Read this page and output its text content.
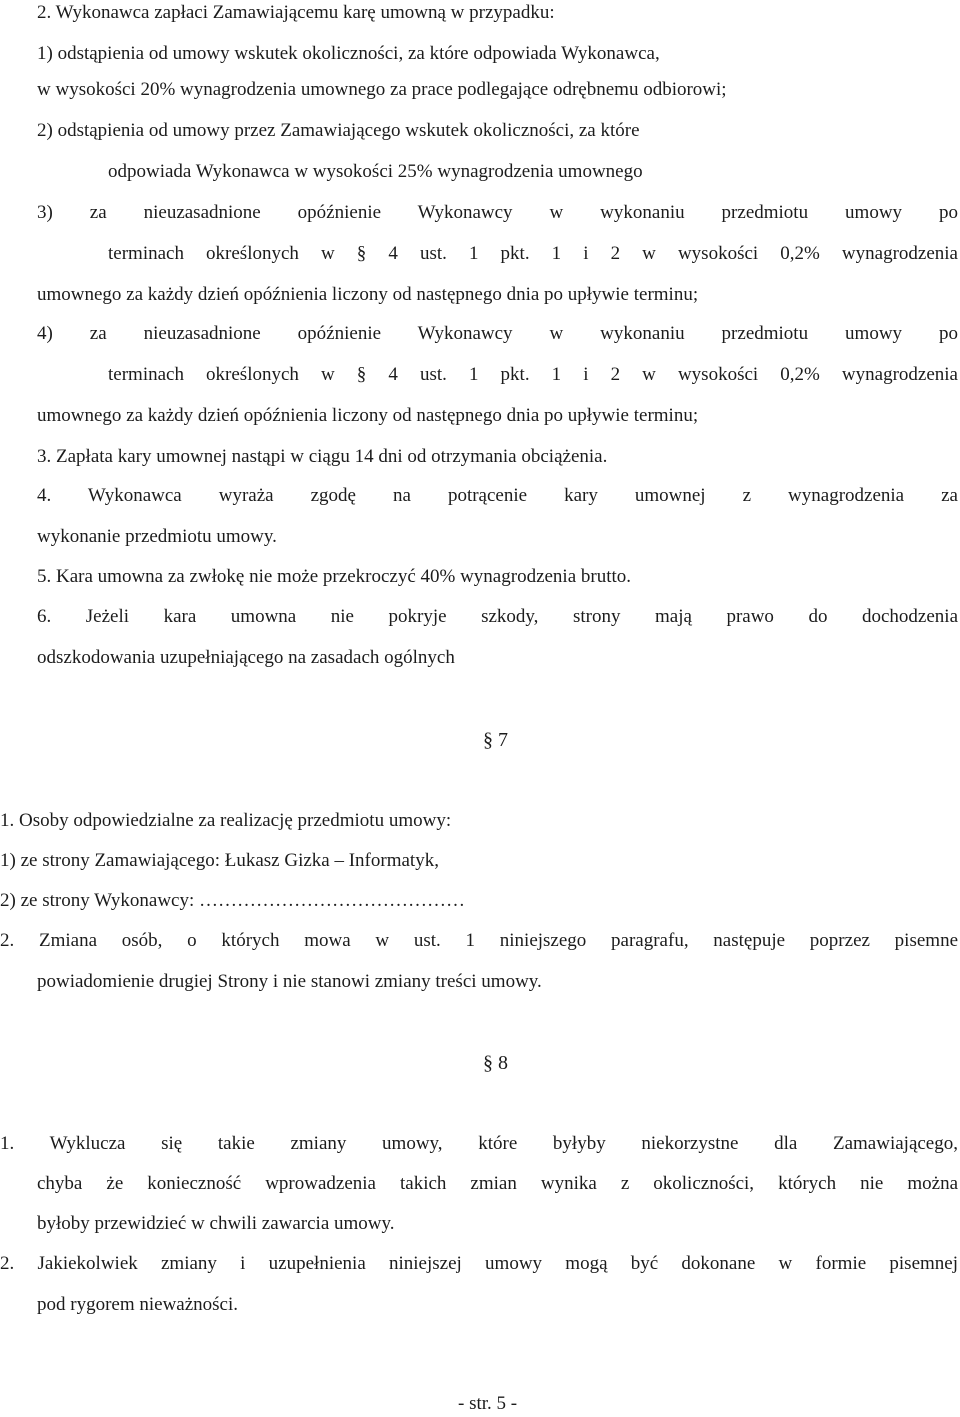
2. Wykonawca zapłaci Zamawiającemu karę umowną w przypadku:
1) odstąpienia od umowy wskutek okoliczności, za które odpowiada Wykonawca,
w wysokości 20% wynagrodzenia umownego za prace podlegające odrębnemu odbiorowi;
2) odstąpienia od umowy przez Zamawiającego wskutek okoliczności, za które
odpowiada Wykonawca w wysokości 25% wynagrodzenia umownego
3) za nieuzasadnione opóźnienie Wykonawcy w wykonaniu przedmiotu umowy po
terminach określonych w § 4 ust. 1 pkt. 1 i 2 w wysokości 0,2% wynagrodzenia
umownego za każdy dzień opóźnienia liczony od następnego dnia po upływie terminu;
4) za nieuzasadnione opóźnienie Wykonawcy w wykonaniu przedmiotu umowy po
terminach określonych w § 4 ust. 1 pkt. 1 i 2 w wysokości 0,2% wynagrodzenia
umownego za każdy dzień opóźnienia liczony od następnego dnia po upływie terminu;
3. Zapłata kary umownej nastąpi w ciągu 14 dni od otrzymania obciążenia.
4. Wykonawca wyraża zgodę na potrącenie kary umownej z wynagrodzenia za
wykonanie przedmiotu umowy.
5. Kara umowna za zwłokę nie może przekroczyć 40% wynagrodzenia brutto.
6. Jeżeli kara umowna nie pokryje szkody, strony mają prawo do dochodzenia
odszkodowania uzupełniającego na zasadach ogólnych
§ 7
1. Osoby odpowiedzialne za realizację przedmiotu umowy:
1) ze strony Zamawiającego: Łukasz Gizka – Informatyk,
2) ze strony Wykonawcy: ……………………………………
2. Zmiana osób, o których mowa w ust. 1 niniejszego paragrafu, następuje poprzez pisemne
powiadomienie drugiej Strony i nie stanowi zmiany treści umowy.
§ 8
1. Wyklucza się takie zmiany umowy, które byłyby niekorzystne dla Zamawiającego,
chyba że konieczność wprowadzenia takich zmian wynika z okoliczności, których nie można
byłoby przewidzieć w chwili zawarcia umowy.
2. Jakiekolwiek zmiany i uzupełnienia niniejszej umowy mogą być dokonane w formie pisemnej
pod rygorem nieważności.
- str. 5 -
